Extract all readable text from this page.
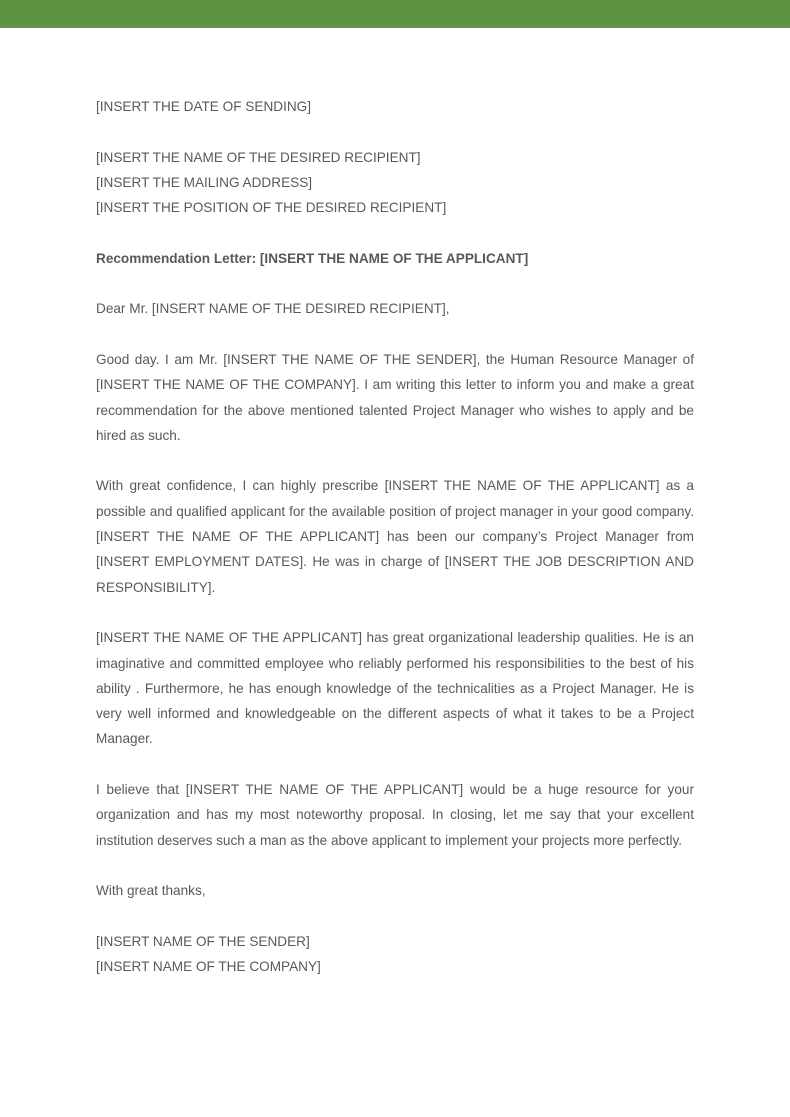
[INSERT THE DATE OF SENDING]

[INSERT THE NAME OF THE DESIRED RECIPIENT]

[INSERT THE MAILING ADDRESS]

[INSERT THE POSITION OF THE DESIRED RECIPIENT]

Recommendation Letter: [INSERT THE NAME OF THE APPLICANT]

Dear Mr. [INSERT NAME OF THE DESIRED RECIPIENT],

Good day. I am Mr. [INSERT THE NAME OF THE SENDER], the Human Resource Manager of [INSERT THE NAME OF THE COMPANY]. I am writing this letter to inform you and make a great recommendation for the above mentioned talented Project Manager who wishes to apply and be hired as such.

With great confidence, I can highly prescribe [INSERT THE NAME OF THE APPLICANT] as a possible and qualified applicant for the available position of project manager in your good company. [INSERT THE NAME OF THE APPLICANT] has been our company’s Project Manager from [INSERT EMPLOYMENT DATES]. He was in charge of [INSERT THE JOB DESCRIPTION AND RESPONSIBILITY].

[INSERT THE NAME OF THE APPLICANT] has great organizational leadership qualities. He is an imaginative and committed employee who reliably performed his responsibilities to the best of his ability . Furthermore, he has enough knowledge of the technicalities as a Project Manager. He is very well informed and knowledgeable on the different aspects of what it takes to be a Project Manager.

I believe that [INSERT THE NAME OF THE APPLICANT] would be a huge resource for your organization and has my most noteworthy proposal. In closing, let me say that your excellent institution deserves such a man as the above applicant to implement your projects more perfectly.

With great thanks,

[INSERT NAME OF THE SENDER]

[INSERT NAME OF THE COMPANY]
